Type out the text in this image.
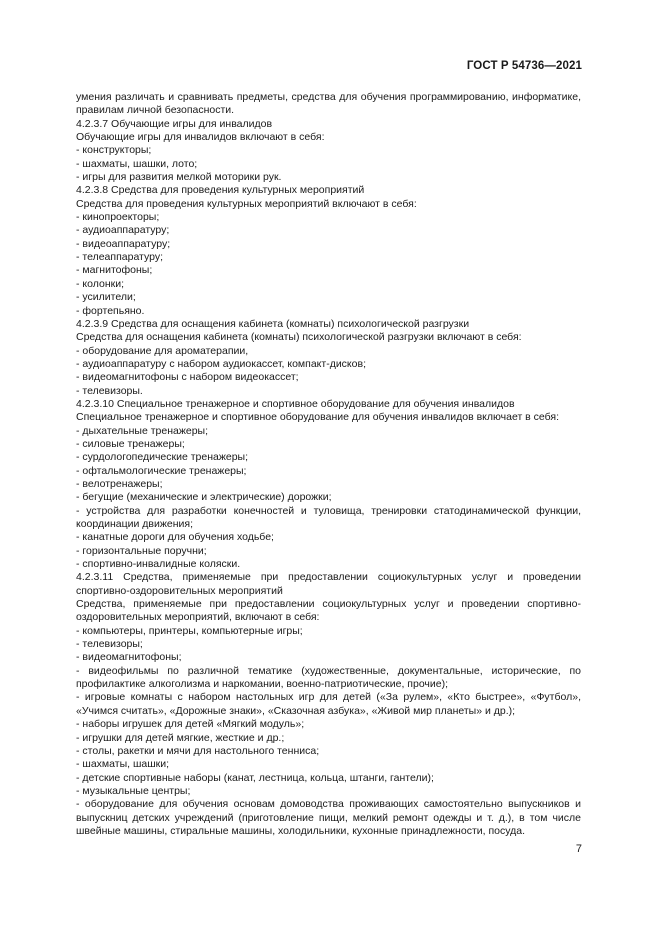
ГОСТ Р 54736—2021

умения различать и сравнивать предметы, средства для обучения программированию, информатике, правилам личной безопасности.

4.2.3.7 Обучающие игры для инвалидов

Обучающие игры для инвалидов включают в себя:

- конструкторы;

- шахматы, шашки, лото;

- игры для развития мелкой моторики рук.

4.2.3.8 Средства для проведения культурных мероприятий

Средства для проведения культурных мероприятий включают в себя:

- кинопроекторы;

- аудиоаппаратуру;

- видеоаппаратуру;

- телеаппаратуру;

- магнитофоны;

- колонки;

- усилители;

- фортепьяно.

4.2.3.9 Средства для оснащения кабинета (комнаты) психологической разгрузки

Средства для оснащения кабинета (комнаты) психологической разгрузки включают в себя:

- оборудование для ароматерапии,

- аудиоаппаратуру с набором аудиокассет, компакт-дисков;

- видеомагнитофоны с набором видеокассет;

- телевизоры.

4.2.3.10 Специальное тренажерное и спортивное оборудование для обучения инвалидов

Специальное тренажерное и спортивное оборудование для обучения инвалидов включает в себя:

- дыхательные тренажеры;

- силовые тренажеры;

- сурдологопедические тренажеры;

- офтальмологические тренажеры;

- велотренажеры;

- бегущие (механические и электрические) дорожки;

- устройства для разработки конечностей и туловища, тренировки статодинамической функции, координации движения;

- канатные дороги для обучения ходьбе;

- горизонтальные поручни;

- спортивно-инвалидные коляски.

4.2.3.11 Средства, применяемые при предоставлении социокультурных услуг и проведении спортивно-оздоровительных мероприятий

Средства, применяемые при предоставлении социокультурных услуг и проведении спортивно-оздоровительных мероприятий, включают в себя:

- компьютеры, принтеры, компьютерные игры;

- телевизоры;

- видеомагнитофоны;

- видеофильмы по различной тематике (художественные, документальные, исторические, по профилактике алкоголизма и наркомании, военно-патриотические, прочие);

- игровые комнаты с набором настольных игр для детей («За рулем», «Кто быстрее», «Футбол», «Учимся считать», «Дорожные знаки», «Сказочная азбука», «Живой мир планеты» и др.);

- наборы игрушек для детей «Мягкий модуль»;

- игрушки для детей мягкие, жесткие и др.;

- столы, ракетки и мячи для настольного тенниса;

- шахматы, шашки;

- детские спортивные наборы (канат, лестница, кольца, штанги, гантели);

- музыкальные центры;

- оборудование для обучения основам домоводства проживающих самостоятельно выпускников и выпускниц детских учреждений (приготовление пищи, мелкий ремонт одежды и т. д.), в том числе швейные машины, стиральные машины, холодильники, кухонные принадлежности, посуда.

7
